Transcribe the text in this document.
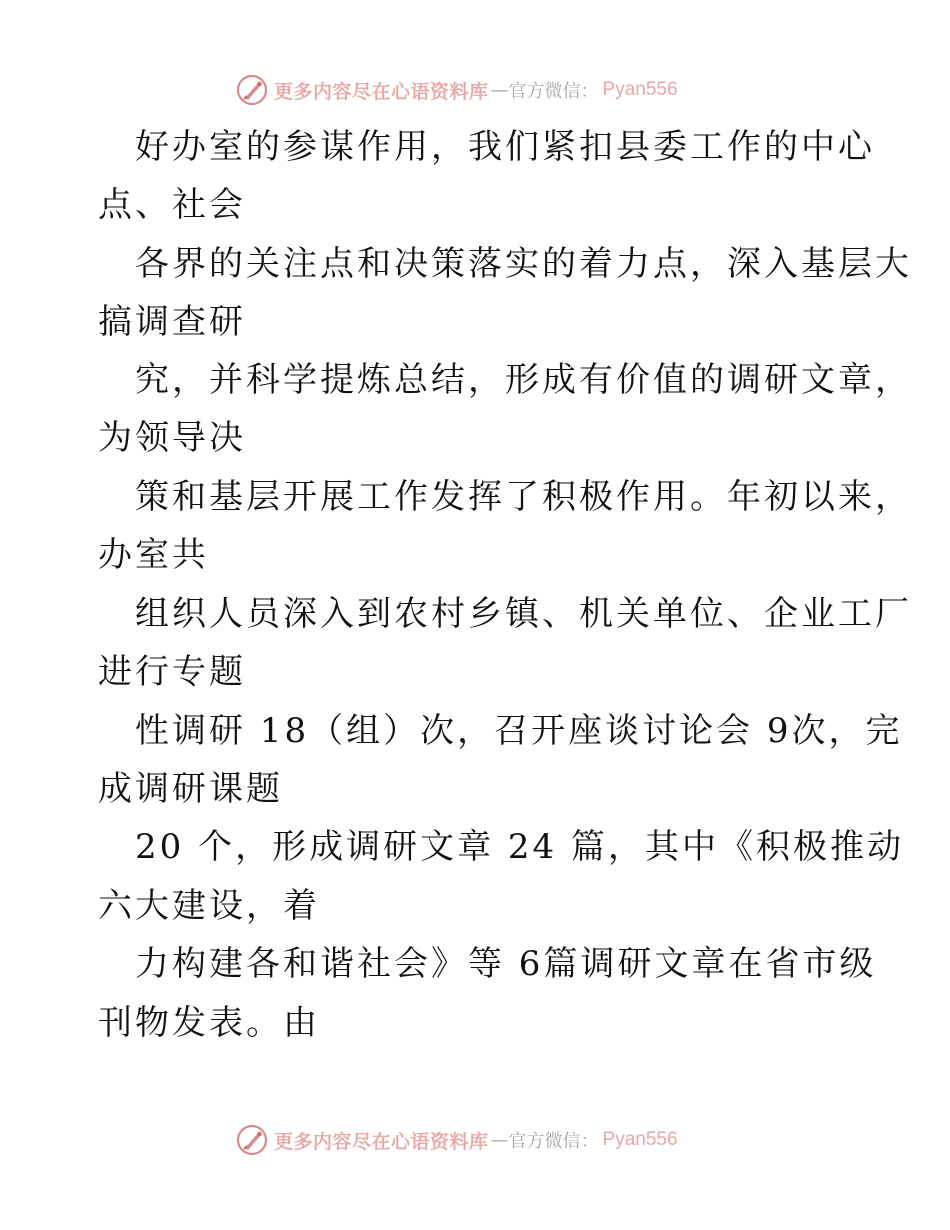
更多内容尽在心语资料库 — 官方微信： Pyan556
好办室的参谋作用，我们紧扣县委工作的中心
点、社会
各界的关注点和决策落实的着力点，深入基层大
搞调查研
究，并科学提炼总结，形成有价值的调研文章，
为领导决
策和基层开展工作发挥了积极作用。年初以来，
办室共
组织人员深入到农村乡镇、机关单位、企业工厂
进行专题
性调研 18（组）次，召开座谈讨论会 9次，完
成调研课题
20 个，形成调研文章 24 篇，其中《积极推动
六大建设，着
力构建各和谐社会》等 6篇调研文章在省市级
刊物发表。由
更多内容尽在心语资料库 — 官方微信： Pyan556
